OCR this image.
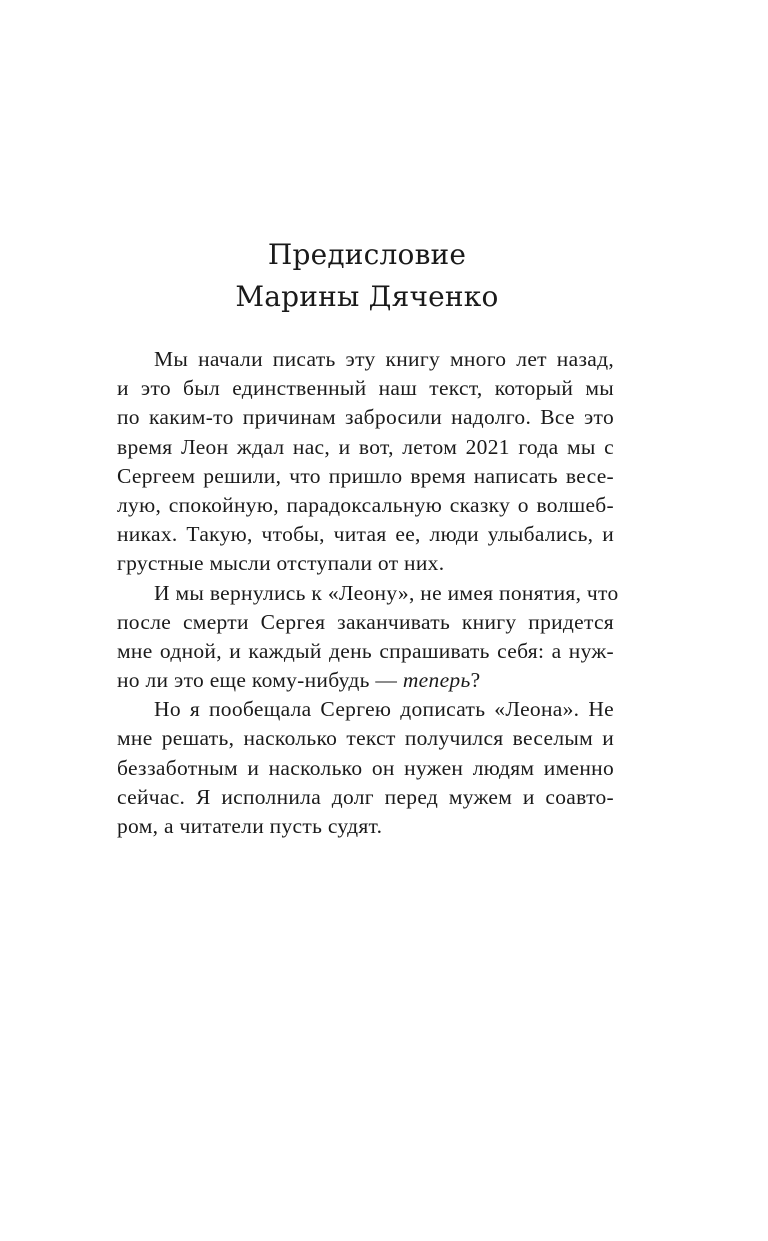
Предисловие
Марины Дяченко
Мы начали писать эту книгу много лет назад,
и это был единственный наш текст, который мы
по каким-то причинам забросили надолго. Все это
время Леон ждал нас, и вот, летом 2021 года мы с
Сергеем решили, что пришло время написать весе-
лую, спокойную, парадоксальную сказку о волшеб-
никах. Такую, чтобы, читая ее, люди улыбались, и
грустные мысли отступали от них.
И мы вернулись к «Леону», не имея понятия, что
после смерти Сергея заканчивать книгу придется
мне одной, и каждый день спрашивать себя: а нуж-
но ли это еще кому-нибудь — теперь?
Но я пообещала Сергею дописать «Леона». Не
мне решать, насколько текст получился веселым и
беззаботным и насколько он нужен людям именно
сейчас. Я исполнила долг перед мужем и соавто-
ром, а читатели пусть судят.
